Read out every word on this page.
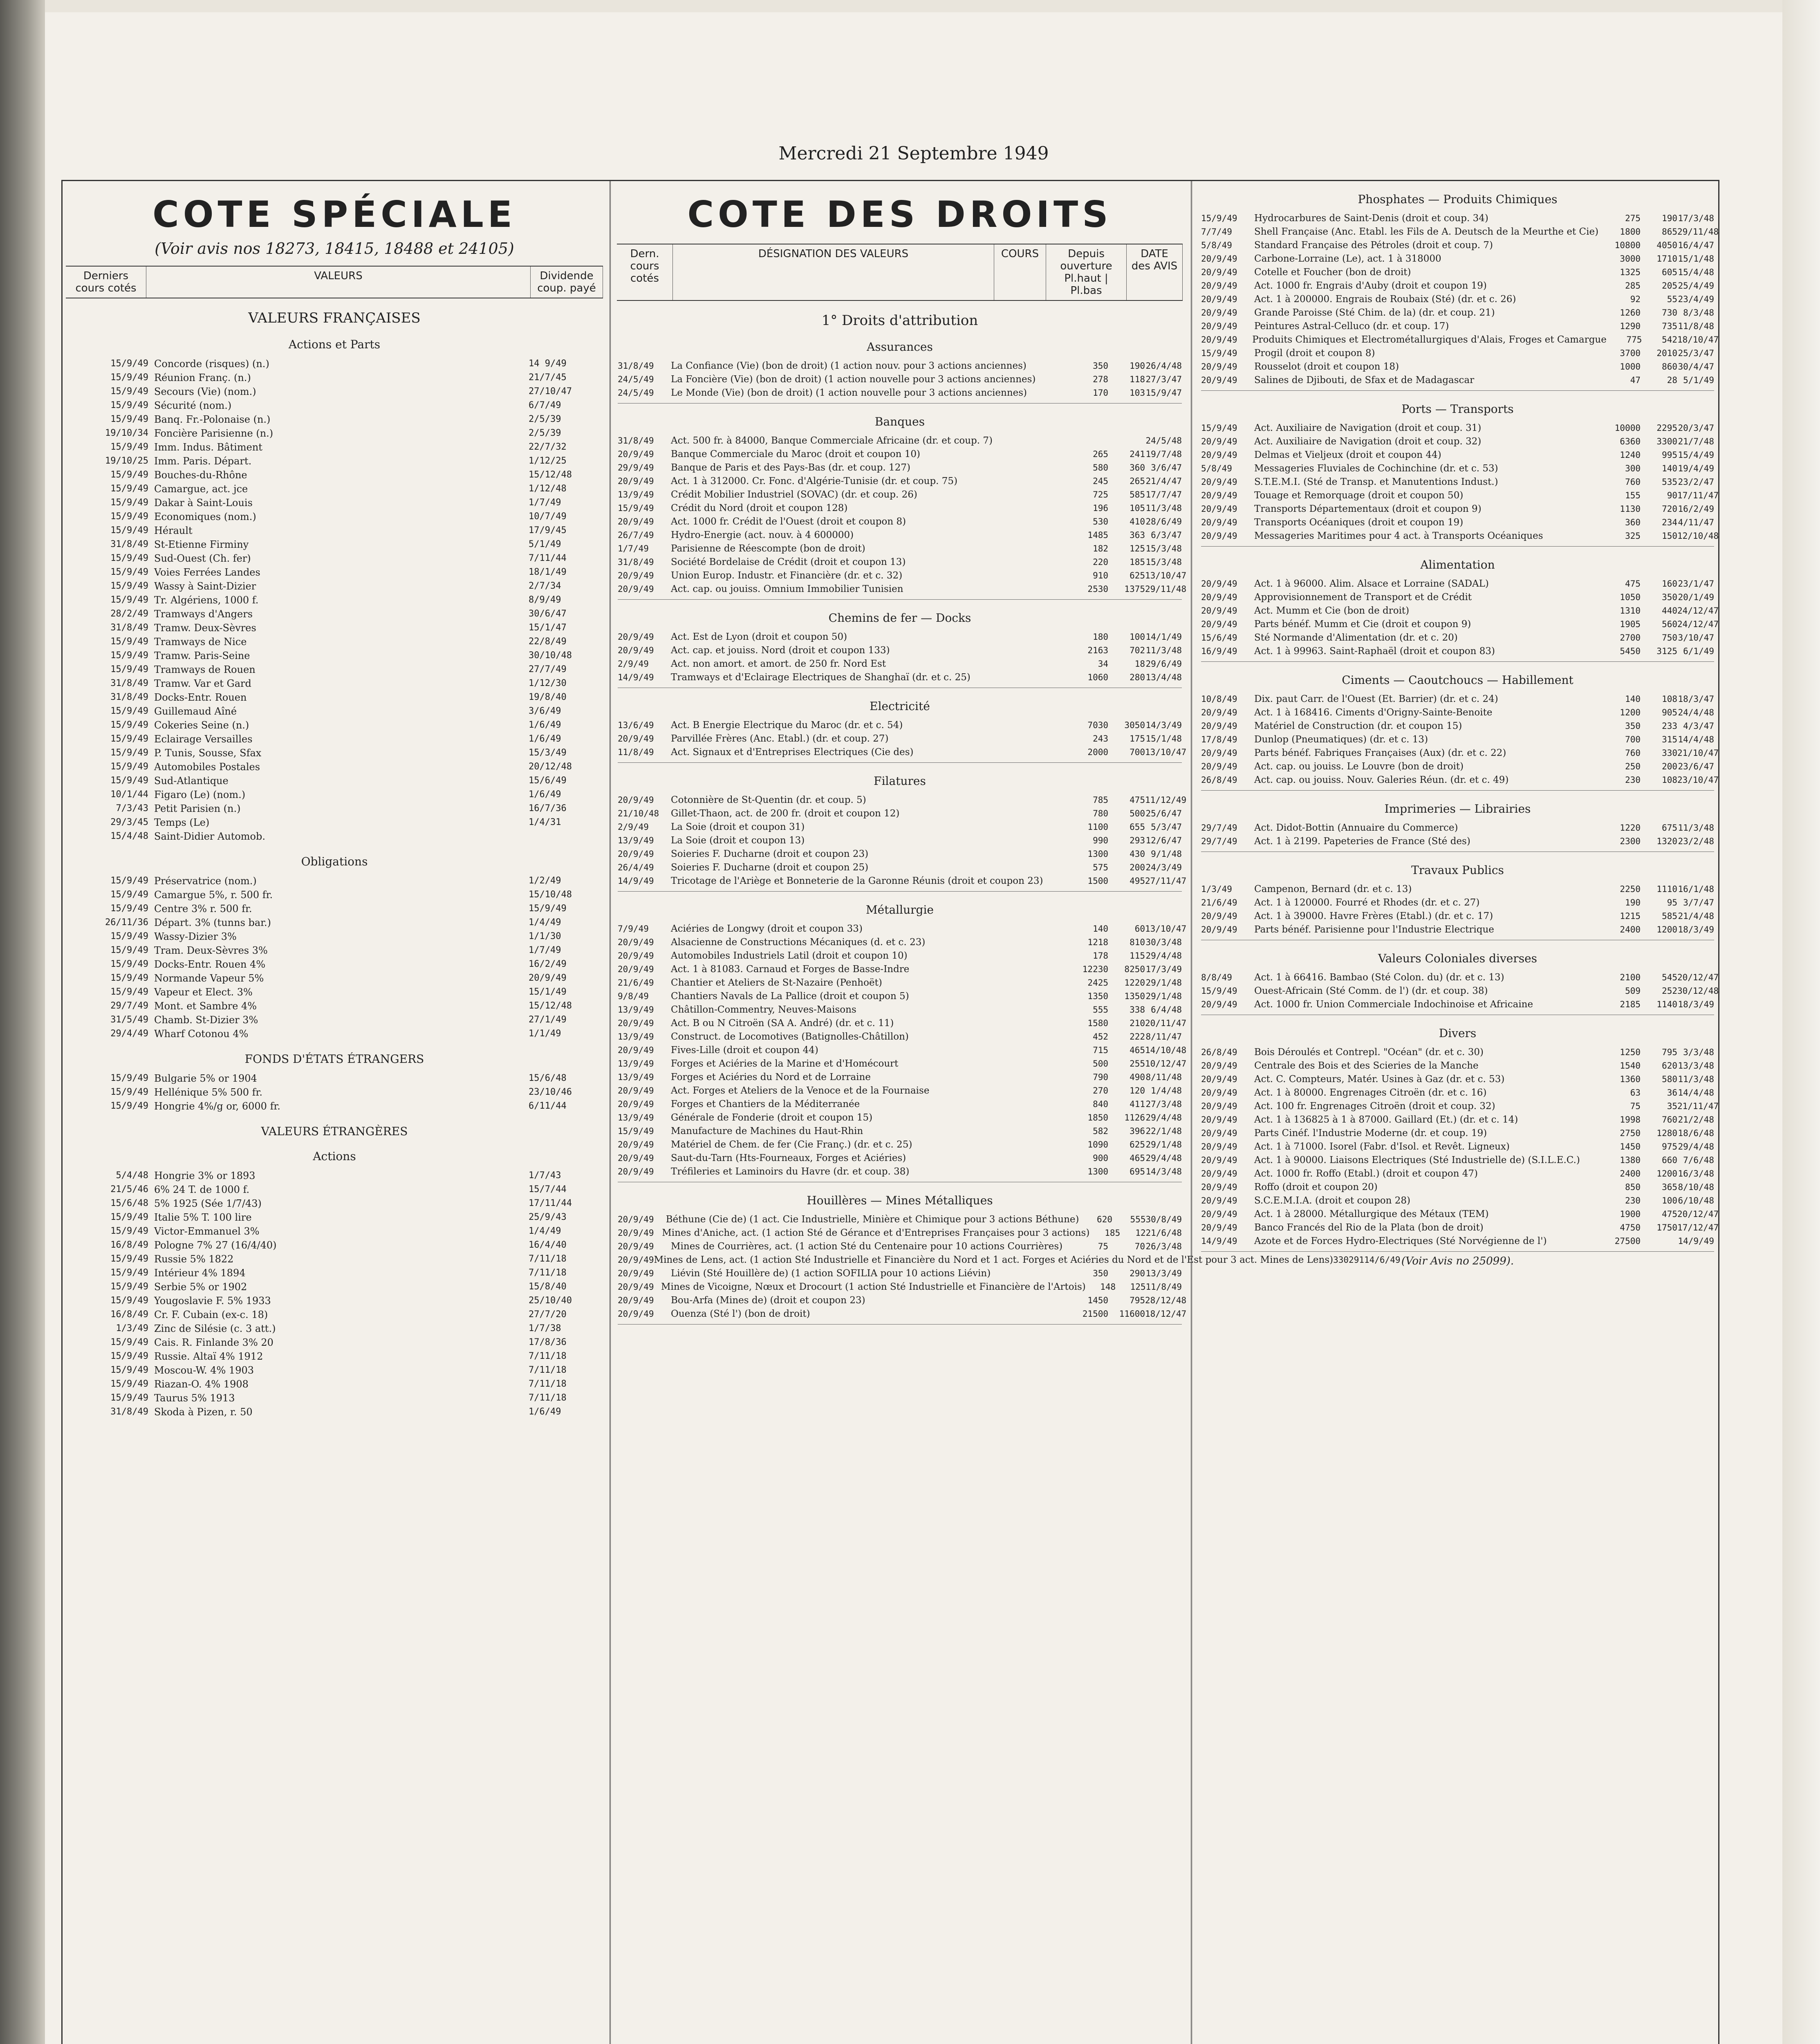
Mercredi 21 Septembre 1949
COTE SPÉCIALE
(Voir avis nos 18273, 18415, 18488 et 24105)
Derniers cours cotés
VALEURS	Dividende coup. payé
VALEURS FRANÇAISES
Actions et Parts
15/9/49 Concorde (risques) (n.)	14 9/49
15/9/49 Réunion Franç. (n.)	21/7/45
15/9/49 Secours (Vie) (nom.)	27/10/47
15/9/49 Sécurité (nom.)	6/7/49
15/9/49 Banq. Fr.-Polonaise (n.)	2/5/39
19/10/34 Foncière Parisienne (n.)	2/5/39
15/9/49 Imm. Indus. Bâtiment	22/7/32
19/10/25 Imm. Paris. Départ.	1/12/25
15/9/49 Bouches-du-Rhône	15/12/48
15/9/49 Camargue, act. jce	1/12/48
15/9/49 Dakar à Saint-Louis	1/7/49
15/9/49 Economiques (nom.)	10/7/49
15/9/49 Hérault	17/9/45
31/8/49 St-Etienne Firminy	5/1/49
15/9/49 Sud-Ouest (Ch. fer)	7/11/44
15/9/49 Voies Ferrées Landes	18/1/49
15/9/49 Wassy à Saint-Dizier	2/7/34
15/9/49 Tr. Algériens, 1000 f.	8/9/49
28/2/49 Tramways d'Angers	30/6/47
31/8/49 Tramw. Deux-Sèvres	15/1/47
15/9/49 Tramways de Nice	22/8/49
15/9/49 Tramw. Paris-Seine	30/10/48
15/9/49 Tramways de Rouen	27/7/49
31/8/49 Tramw. Var et Gard	1/12/30
31/8/49 Docks-Entr. Rouen	19/8/40
15/9/49 Guillemaud Aîné	3/6/49
15/9/49 Cokeries Seine (n.)	1/6/49
15/9/49 Eclairage Versailles	1/6/49
15/9/49 P. Tunis, Sousse, Sfax	15/3/49
15/9/49 Automobiles Postales	20/12/48
15/9/49 Sud-Atlantique	15/6/49
10/1/44 Figaro (Le) (nom.)	1/6/49
7/3/43 Petit Parisien (n.)	16/7/36
29/3/45 Temps (Le)	1/4/31
15/4/48 Saint-Didier Automob.
Obligations
15/9/49 Préservatrice (nom.)	1/2/49
15/9/49 Camargue 5%, r. 500 fr.	15/10/48
15/9/49 Centre 3% r. 500 fr.	15/9/49
26/11/36 Départ. 3% (tunns bar.)	1/4/49
15/9/49 Wassy-Dizier 3%	1/1/30
15/9/49 Tram. Deux-Sèvres 3%	1/7/49
15/9/49 Docks-Entr. Rouen 4%	16/2/49
15/9/49 Normande Vapeur 5%	20/9/49
15/9/49 Vapeur et Elect. 3%	15/1/49
29/7/49 Mont. et Sambre 4%	15/12/48
31/5/49 Chamb. St-Dizier 3%	27/1/49
29/4/49 Wharf Cotonou 4%	1/1/49
FONDS D'ÉTATS ÉTRANGERS
15/9/49 Bulgarie 5% or 1904	15/6/48
15/9/49 Hellénique 5% 500 fr.	23/10/46
15/9/49 Hongrie 4%/g or, 6000 fr.	6/11/44
VALEURS ÉTRANGÈRES
Actions
5/4/48 Hongrie 3% or 1893	1/7/43
21/5/46 6% 24 T. de 1000 f.	15/7/44
15/6/48 5% 1925 (Sée 1/7/43)	17/11/44
15/9/49 Italie 5% T. 100 lire	25/9/43
15/9/49 Victor-Emmanuel 3%	1/4/49
16/8/49 Pologne 7% 27 (16/4/40)	16/4/40
15/9/49 Russie 5% 1822	7/11/18
15/9/49 Intérieur 4% 1894	7/11/18
15/9/49 Serbie 5% or 1902	15/8/40
15/9/49 Yougoslavie F. 5% 1933	25/10/40
16/8/49 Cr. F. Cubain (ex-c. 18)	27/7/20
1/3/49 Zinc de Silésie (c. 3 att.)	1/7/38
15/9/49 Cais. R. Finlande 3% 20	17/8/36
15/9/49 Russie. Altaï 4% 1912	7/11/18
15/9/49 Moscou-W. 4% 1903	7/11/18
15/9/49 Riazan-O. 4% 1908	7/11/18
15/9/49 Taurus 5% 1913	7/11/18
31/8/49 Skoda à Pizen, r. 50	1/6/49
COTE DES DROITS
Dern. cours cotés
DÉSIGNATION DES VALEURS	COURS	Depuis ouverture Pl.haut | Pl.bas
DATE des AVIS
1° Droits d'attribution
Assurances
31/8/49	La Confiance (Vie) (bon de droit) (1 action nouv. pour 3 actions anciennes)	350	190 26/4/48
24/5/49	La Foncière (Vie) (bon de droit) (1 action nouvelle pour 3 actions anciennes)	278	118 27/3/47
24/5/49	Le Monde (Vie) (bon de droit) (1 action nouvelle pour 3 actions anciennes)	170	103 15/9/47
Banques
31/8/49	Act. 500 fr. à 84000, Banque Commerciale Africaine (dr. et coup. 7)	24/5/48
20/9/49	Banque Commerciale du Maroc (droit et coupon 10)	265	241 19/7/48
29/9/49	Banque de Paris et des Pays-Bas (dr. et coup. 127)	580	360 3/6/47
20/9/49	Act. 1 à 312000. Cr. Fonc. d'Algérie-Tunisie (dr. et coup. 75)	245	265 21/4/47
13/9/49	Crédit Mobilier Industriel (SOVAC) (dr. et coup. 26)	725	585 17/7/47
15/9/49	Crédit du Nord (droit et coupon 128)	196	105 11/3/48
20/9/49	Act. 1000 fr. Crédit de l'Ouest (droit et coupon 8)	530	410 28/6/49
26/7/49	Hydro-Energie (act. nouv. à 4 600000)	1485	363 6/3/47
1/7/49	Parisienne de Réescompte (bon de droit)	182	125 15/3/48
31/8/49	Société Bordelaise de Crédit (droit et coupon 13)	220	185 15/3/48
20/9/49	Union Europ. Industr. et Financière (dr. et c. 32)	910	625 13/10/47
20/9/49	Act. cap. ou jouiss. Omnium Immobilier Tunisien	2530	1375 29/11/48
Chemins de fer — Docks
20/9/49	Act. Est de Lyon (droit et coupon 50)	180	100 14/1/49
20/9/49	Act. cap. et jouiss. Nord (droit et coupon 133)	2163	702 11/3/48
2/9/49	Act. non amort. et amort. de 250 fr. Nord Est	34	18 29/6/49
14/9/49	Tramways et d'Eclairage Electriques de Shanghaï (dr. et c. 25)	1060	280 13/4/48
Electricité
13/6/49	Act. B Energie Electrique du Maroc (dr. et c. 54)	7030	3050 14/3/49
20/9/49	Parvillée Frères (Anc. Etabl.) (dr. et coup. 27)	243	175 15/1/48
11/8/49	Act. Signaux et d'Entreprises Electriques (Cie des)	2000	700 13/10/47
Filatures
20/9/49	Cotonnière de St-Quentin (dr. et coup. 5)	785	475 11/12/49
21/10/48	Gillet-Thaon, act. de 200 fr. (droit et coupon 12)	780	500 25/6/47
2/9/49	La Soie (droit et coupon 31)	1100	655 5/3/47
13/9/49	La Soie (droit et coupon 13)	990	293 12/6/47
20/9/49	Soieries F. Ducharne (droit et coupon 23)	1300	430 9/1/48
26/4/49	Soieries F. Ducharne (droit et coupon 25)	575	200 24/3/49
14/9/49	Tricotage de l'Ariège et Bonneterie de la Garonne Réunis (droit et coupon 23)	1500	495 27/11/47
Métallurgie
7/9/49	Aciéries de Longwy (droit et coupon 33)	140	60 13/10/47
20/9/49	Alsacienne de Constructions Mécaniques (d. et c. 23)	1218	810 30/3/48
20/9/49	Automobiles Industriels Latil (droit et coupon 10)	178	115 29/4/48
20/9/49	Act. 1 à 81083. Carnaud et Forges de Basse-Indre	12230	8250 17/3/49
21/6/49	Chantier et Ateliers de St-Nazaire (Penhoët)	2425	1220 29/1/48
9/8/49	Chantiers Navals de La Pallice (droit et coupon 5)	1350	1350 29/1/48
13/9/49	Châtillon-Commentry, Neuves-Maisons	555	338 6/4/48
20/9/49	Act. B ou N Citroën (SA A. André) (dr. et c. 11)	1580	210 20/11/47
13/9/49	Construct. de Locomotives (Batignolles-Châtillon)	452	222 8/11/47
20/9/49	Fives-Lille (droit et coupon 44)	715	465 14/10/48
13/9/49	Forges et Aciéries de la Marine et d'Homécourt	500	255 10/12/47
13/9/49	Forges et Aciéries du Nord et de Lorraine	790	490 8/11/48
20/9/49	Act. Forges et Ateliers de la Venoce et de la Fournaise	270	120 1/4/48
20/9/49	Forges et Chantiers de la Méditerranée	840	411 27/3/48
13/9/49	Générale de Fonderie (droit et coupon 15)	1850	1126 29/4/48
15/9/49	Manufacture de Machines du Haut-Rhin	582	396 22/1/48
20/9/49	Matériel de Chem. de fer (Cie Franç.) (dr. et c. 25)	1090	625 29/1/48
20/9/49	Saut-du-Tarn (Hts-Fourneaux, Forges et Aciéries)	900	465 29/4/48
20/9/49	Tréfileries et Laminoirs du Havre (dr. et coup. 38)	1300	695 14/3/48
Houillères — Mines Métalliques
20/9/49	Béthune (Cie de) (1 act. Cie Industrielle, Minière et Chimique pour 3 actions Béthune)	620	555 30/8/49
20/9/49 Mines d'Aniche, act. (1 action Sté de Gérance et d'Entreprises Françaises pour 3 actions)	185	122 1/6/48
20/9/49	Mines de Courrières, act. (1 action Sté du Centenaire pour 10 actions Courrières)	75	70 26/3/48
20/9/49 Mines de Lens, act. (1 action Sté Industrielle et Financière du Nord et 1 act. Forges et Aciéries du Nord et de l'Est pour 3 act. Mines de Lens) 330 291 14/6/49
20/9/49	Liévin (Sté Houillère de) (1 action SOFILIA pour 10 actions Liévin)	350	290 13/3/49
20/9/49 Mines de Vicoigne, Nœux et Drocourt (1 action Sté Industrielle et Financière de l'Artois)	148	125 11/8/49
20/9/49	Bou-Arfa (Mines de) (droit et coupon 23)	1450	795 28/12/48
20/9/49	Ouenza (Sté l') (bon de droit)	21500	11600 18/12/47
Phosphates — Produits Chimiques
15/9/49	Hydrocarbures de Saint-Denis (droit et coup. 34)	275	190 17/3/48
7/7/49	Shell Française (Anc. Etabl. les Fils de A. Deutsch de la Meurthe et Cie)	1800	865 29/11/48
5/8/49	Standard Française des Pétroles (droit et coup. 7)	10800	4050 16/4/47
20/9/49	Carbone-Lorraine (Le), act. 1 à 318000	3000	1710 15/1/48
20/9/49	Cotelle et Foucher (bon de droit)	1325	605 15/4/48
20/9/49	Act. 1000 fr. Engrais d'Auby (droit et coupon 19)	285	205 25/4/49
20/9/49	Act. 1 à 200000. Engrais de Roubaix (Sté) (dr. et c. 26)	92	55 23/4/49
20/9/49	Grande Paroisse (Sté Chim. de la) (dr. et coup. 21)	1260	730 8/3/48
20/9/49	Peintures Astral-Celluco (dr. et coup. 17)	1290	735 11/8/48
20/9/49	Produits Chimiques et Electrométallurgiques d'Alais, Froges et Camargue	775	542 18/10/47
15/9/49	Progil (droit et coupon 8)	3700	2010 25/3/47
20/9/49	Rousselot (droit et coupon 18)	1000	860 30/4/47
20/9/49	Salines de Djibouti, de Sfax et de Madagascar	47	28 5/1/49
Ports — Transports
15/9/49	Act. Auxiliaire de Navigation (droit et coup. 31)	10000	2295 20/3/47
20/9/49	Act. Auxiliaire de Navigation (droit et coup. 32)	6360	3300 21/7/48
20/9/49	Delmas et Vieljeux (droit et coupon 44)	1240	995 15/4/49
5/8/49	Messageries Fluviales de Cochinchine (dr. et c. 53)	300	140 19/4/49
20/9/49	S.T.E.M.I. (Sté de Transp. et Manutentions Indust.)	760	535 23/2/47
20/9/49	Touage et Remorquage (droit et coupon 50)	155	90 17/11/47
20/9/49	Transports Départementaux (droit et coupon 9)	1130	720 16/2/49
20/9/49	Transports Océaniques (droit et coupon 19)	360	234 4/11/47
20/9/49	Messageries Maritimes pour 4 act. à Transports Océaniques	325	150 12/10/48
Alimentation
20/9/49	Act. 1 à 96000. Alim. Alsace et Lorraine (SADAL)	475	160 23/1/47
20/9/49	Approvisionnement de Transport et de Crédit	1050	350 20/1/49
20/9/49	Act. Mumm et Cie (bon de droit)	1310	440 24/12/47
20/9/49	Parts bénéf. Mumm et Cie (droit et coupon 9)	1905	560 24/12/47
15/6/49	Sté Normande d'Alimentation (dr. et c. 20)	2700	750 3/10/47
16/9/49	Act. 1 à 99963. Saint-Raphaël (droit et coupon 83)	5450	3125 6/1/49
Ciments — Caoutchoucs — Habillement
10/8/49	Dix. paut Carr. de l'Ouest (Et. Barrier) (dr. et c. 24)	140	108 18/3/47
20/9/49	Act. 1 à 168416. Ciments d'Origny-Sainte-Benoite	1200	905 24/4/48
20/9/49	Matériel de Construction (dr. et coupon 15)	350	233 4/3/47
17/8/49	Dunlop (Pneumatiques) (dr. et c. 13)	700	315 14/4/48
20/9/49	Parts bénéf. Fabriques Françaises (Aux) (dr. et c. 22)	760	330 21/10/47
20/9/49	Act. cap. ou jouiss. Le Louvre (bon de droit)	250	200 23/6/47
26/8/49	Act. cap. ou jouiss. Nouv. Galeries Réun. (dr. et c. 49)	230	108 23/10/47
Imprimeries — Librairies
29/7/49	Act. Didot-Bottin (Annuaire du Commerce)	1220	675 11/3/48
29/7/49	Act. 1 à 2199. Papeteries de France (Sté des)	2300	1320 23/2/48
Travaux Publics
1/3/49	Campenon, Bernard (dr. et c. 13)	2250	1110 16/1/48
21/6/49	Act. 1 à 120000. Fourré et Rhodes (dr. et c. 27)	190	95 3/7/47
20/9/49	Act. 1 à 39000. Havre Frères (Etabl.) (dr. et c. 17)	1215	585 21/4/48
20/9/49	Parts bénéf. Parisienne pour l'Industrie Electrique	2400	1200 18/3/49
Valeurs Coloniales diverses
8/8/49	Act. 1 à 66416. Bambao (Sté Colon. du) (dr. et c. 13)	2100	545 20/12/47
15/9/49	Ouest-Africain (Sté Comm. de l') (dr. et coup. 38)	509	252 30/12/48
20/9/49	Act. 1000 fr. Union Commerciale Indochinoise et Africaine	2185	1140 18/3/49
Divers
26/8/49	Bois Déroulés et Contrepl. "Océan" (dr. et c. 30)	1250	795 3/3/48
20/9/49	Centrale des Bois et des Scieries de la Manche	1540	620 13/3/48
20/9/49	Act. C. Compteurs, Matér. Usines à Gaz (dr. et c. 53)	1360	580 11/3/48
20/9/49	Act. 1 à 80000. Engrenages Citroën (dr. et c. 16)	63	36 14/4/48
20/9/49	Act. 100 fr. Engrenages Citroën (droit et coup. 32)	75	35 21/11/47
20/9/49	Act. 1 à 136825 à 1 à 87000. Gaillard (Et.) (dr. et c. 14)	1998	760 21/2/48
20/9/49	Parts Cinéf. l'Industrie Moderne (dr. et coup. 19)	2750	1280 18/6/48
20/9/49	Act. 1 à 71000. Isorel (Fabr. d'Isol. et Revêt. Ligneux)	1450	975 29/4/48
20/9/49	Act. 1 à 90000. Liaisons Electriques (Sté Industrielle de) (S.I.L.E.C.)	1380	660 7/6/48
20/9/49	Act. 1000 fr. Roffo (Etabl.) (droit et coupon 47)	2400	1200 16/3/48
20/9/49	Roffo (droit et coupon 20)	850	365 8/10/48
20/9/49	S.C.E.M.I.A. (droit et coupon 28)	230	100 6/10/48
20/9/49	Act. 1 à 28000. Métallurgique des Métaux (TEM)	1900	475 20/12/47
20/9/49	Banco Francés del Rio de la Plata (bon de droit)	4750	1750 17/12/47
14/9/49	Azote et de Forces Hydro-Electriques (Sté Norvégienne de l')	27500	14/9/49
(Voir Avis no 25099).
